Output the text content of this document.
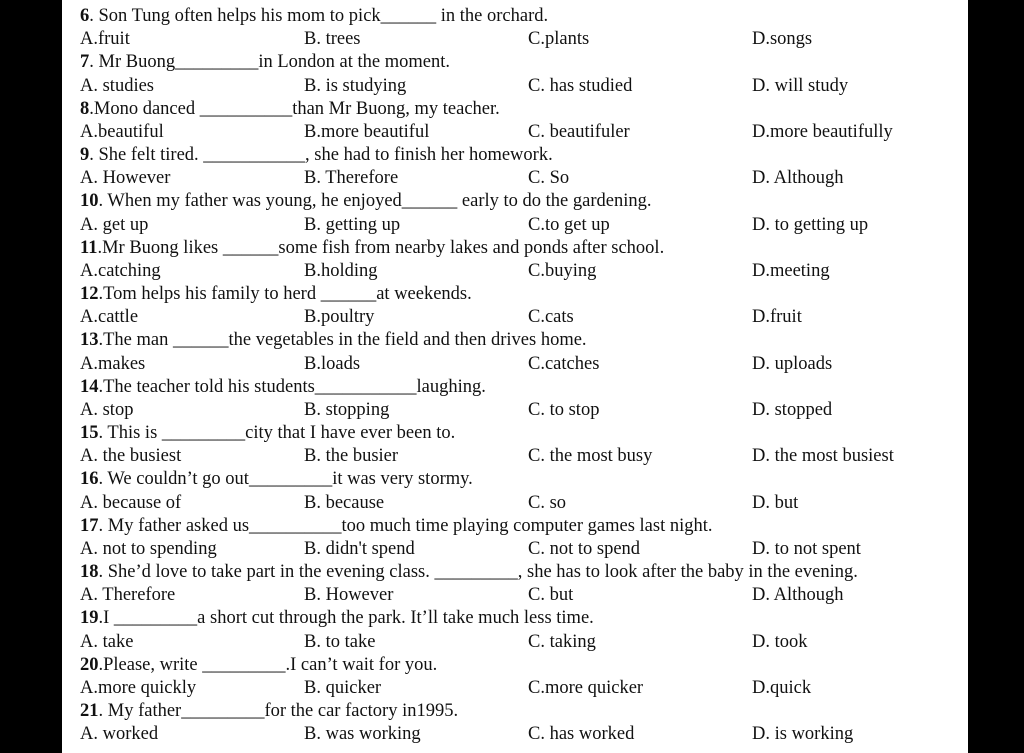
6. Son Tung often helps his mom to pick______ in the orchard.
A.fruit	B. trees	C.plants	D.songs
7. Mr Buong_________in London at the moment.
A. studies	B. is studying	C. has studied	D. will study
8.Mono danced __________than Mr Buong, my teacher.
A.beautiful	B.more beautiful	C. beautifuler	D.more beautifully
9. She felt tired. ___________, she had to finish her homework.
A. However	B. Therefore	C. So	D. Although
10. When my father was young, he enjoyed______ early to do the gardening.
A. get up	B. getting up	C.to get up	D. to getting up
11.Mr Buong likes ______some fish from nearby lakes and ponds after school.
A.catching	B.holding	C.buying	D.meeting
12.Tom helps his family to herd ______at weekends.
A.cattle	B.poultry	C.cats	D.fruit
13.The man ______the vegetables in the field and then drives home.
A.makes	B.loads	C.catches	D. uploads
14.The teacher told his students___________laughing.
A. stop	B. stopping	C. to stop	D. stopped
15. This is _________city that I have ever been to.
A. the busiest	B. the busier	C. the most busy	D. the most busiest
16. We couldn’t go out_________it was very stormy.
A. because of	B. because	C. so	D. but
17. My father asked us__________too much time playing computer games last night.
A. not to spending	B. didn't spend	C. not to spend	D. to not spent
18. She’d love to take part in the evening class. _________, she has to look after the baby in the evening.
A. Therefore	B. However	C. but	D. Although
19.I _________a short cut through the park. It’ll take much less time.
A. take	B. to take	C. taking	D. took
20.Please, write _________.I can’t wait for you.
A.more quickly	B. quicker	C.more quicker	D.quick
21. My father_________for the car factory in1995.
A. worked	B. was working	C. has worked	D. is working
